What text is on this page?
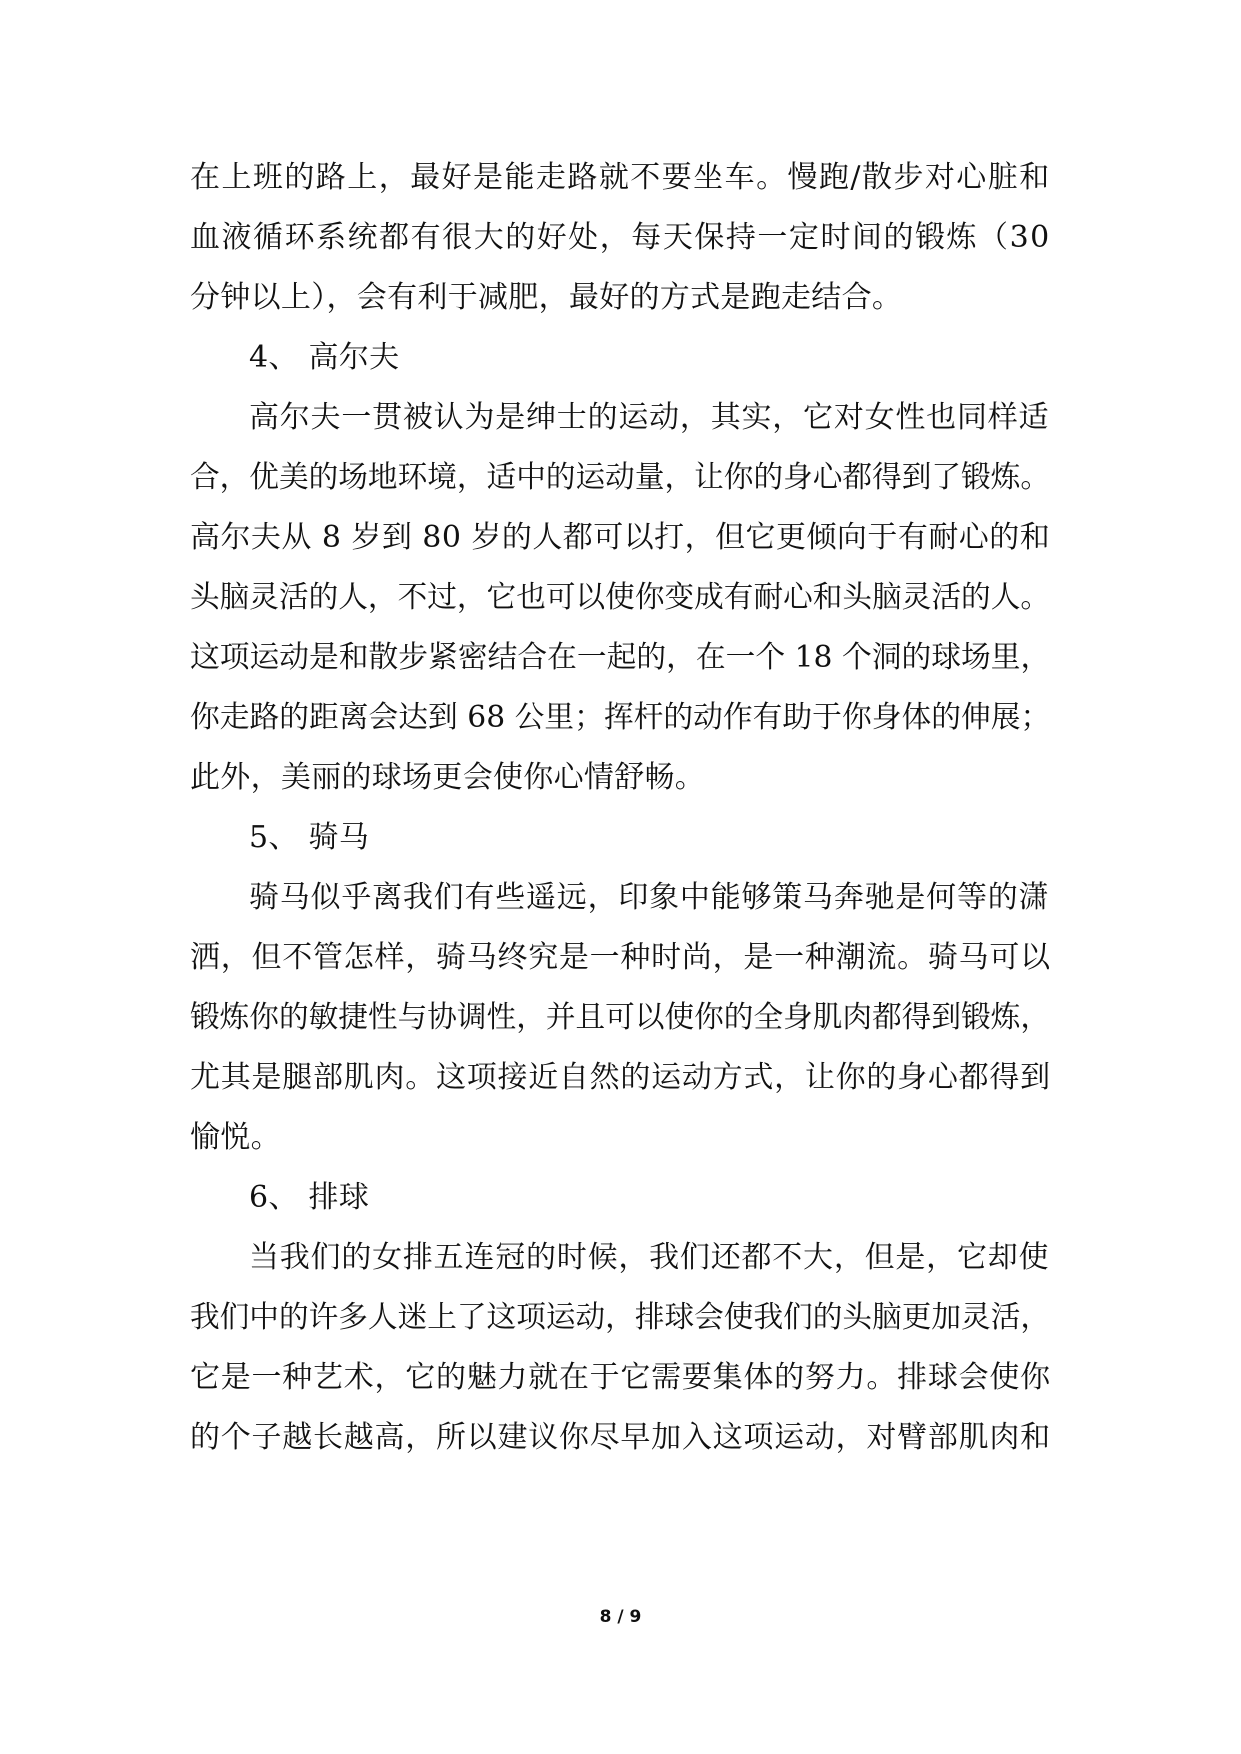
在上班的路上，最好是能走路就不要坐车。慢跑/散步对心脏和
血液循环系统都有很大的好处，每天保持一定时间的锻炼（30
分钟以上），会有利于减肥，最好的方式是跑走结合。
4、 高尔夫
高尔夫一贯被认为是绅士的运动，其实，它对女性也同样适
合，优美的场地环境，适中的运动量，让你的身心都得到了锻炼。
高尔夫从 8 岁到 80 岁的人都可以打，但它更倾向于有耐心的和
头脑灵活的人，不过，它也可以使你变成有耐心和头脑灵活的人。
这项运动是和散步紧密结合在一起的，在一个 18 个洞的球场里，
你走路的距离会达到 68 公里；挥杆的动作有助于你身体的伸展；
此外，美丽的球场更会使你心情舒畅。
5、 骑马
骑马似乎离我们有些遥远，印象中能够策马奔驰是何等的潇
洒，但不管怎样，骑马终究是一种时尚，是一种潮流。骑马可以
锻炼你的敏捷性与协调性，并且可以使你的全身肌肉都得到锻炼，
尤其是腿部肌肉。这项接近自然的运动方式，让你的身心都得到
愉悦。
6、 排球
当我们的女排五连冠的时候，我们还都不大，但是，它却使
我们中的许多人迷上了这项运动，排球会使我们的头脑更加灵活，
它是一种艺术，它的魅力就在于它需要集体的努力。排球会使你
的个子越长越高，所以建议你尽早加入这项运动，对臂部肌肉和
8 / 9
